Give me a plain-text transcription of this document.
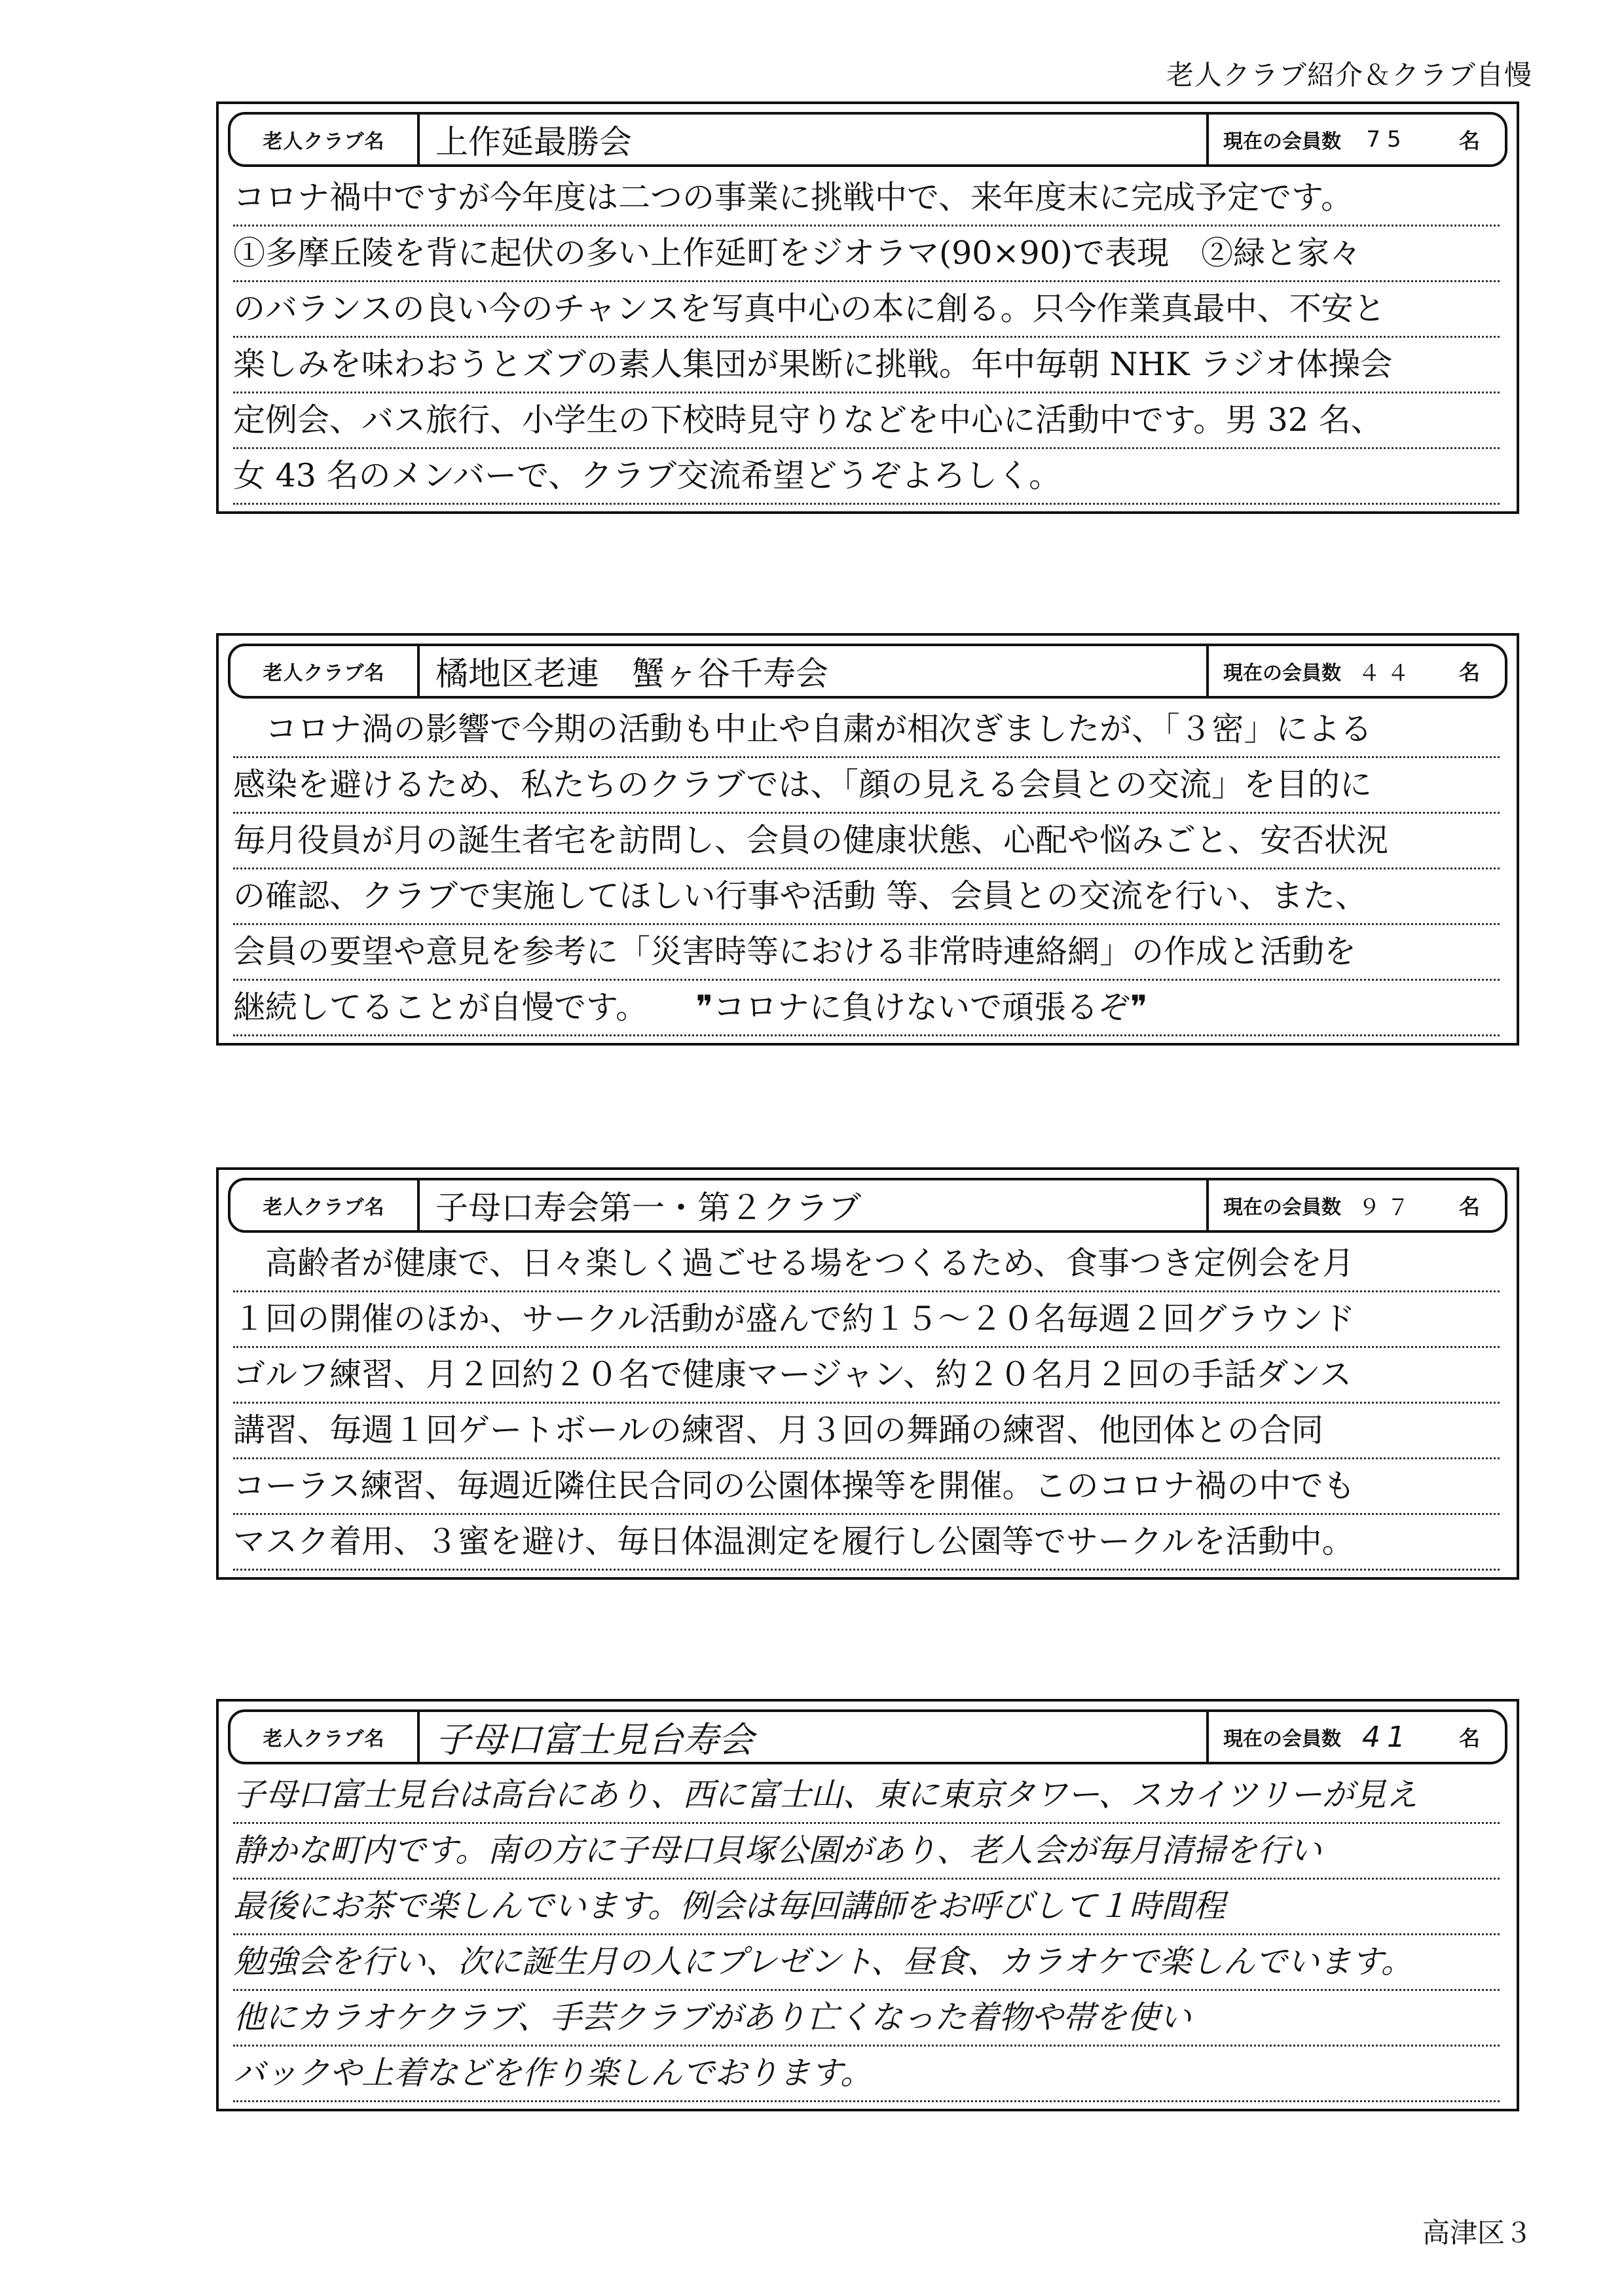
老人クラブ紹介＆クラブ自慢
老人クラブ名	上作延最勝会	現在の会員数	75	名
コロナ禍中ですが今年度は二つの事業に挑戦中で、来年度末に完成予定です。
①多摩丘陵を背に起伏の多い上作延町をジオラマ(90×90)で表現　②緑と家々
のバランスの良い今のチャンスを写真中心の本に創る。只今作業真最中、不安と
楽しみを味わおうとズブの素人集団が果断に挑戦。年中毎朝 NHK ラジオ体操会
定例会、バス旅行、小学生の下校時見守りなどを中心に活動中です。男 32 名、
女 43 名のメンバーで、クラブ交流希望どうぞよろしく。
老人クラブ名	橘地区老連　蟹ヶ谷千寿会	現在の会員数 ４４ 名
　コロナ渦の影響で今期の活動も中止や自粛が相次ぎましたが、「３密」による
感染を避けるため、私たちのクラブでは、「顔の見える会員との交流」を目的に
毎月役員が月の誕生者宅を訪問し、会員の健康状態、心配や悩みごと、安否状況
の確認、クラブで実施してほしい行事や活動 等、会員との交流を行い、また、
会員の要望や意見を参考に「災害時等における非常時連絡網」の作成と活動を
継続してることが自慢です。　　❞コロナに負けないで頑張るぞ❞
老人クラブ名	子母口寿会第一・第２クラブ	現在の会員数 ９７ 名
　高齢者が健康で、日々楽しく過ごせる場をつくるため、食事つき定例会を月
１回の開催のほか、サークル活動が盛んで約１５～２０名毎週２回グラウンド
ゴルフ練習、月２回約２０名で健康マージャン、約２０名月２回の手話ダンス
講習、毎週１回ゲートボールの練習、月３回の舞踊の練習、他団体との合同
コーラス練習、毎週近隣住民合同の公園体操等を開催。このコロナ禍の中でも
マスク着用、３蜜を避け、毎日体温測定を履行し公園等でサークルを活動中。
老人クラブ名	子母口富士見台寿会	現在の会員数 41	名
子母口富士見台は高台にあり、西に富士山、東に東京タワー、スカイツリーが見え
静かな町内です。南の方に子母口貝塚公園があり、老人会が毎月清掃を行い
最後にお茶で楽しんでいます。例会は毎回講師をお呼びして１時間程
勉強会を行い、次に誕生月の人にプレゼント、昼食、カラオケで楽しんでいます。
他にカラオケクラブ、手芸クラブがあり亡くなった着物や帯を使い
バックや上着などを作り楽しんでおります。
高津区３
